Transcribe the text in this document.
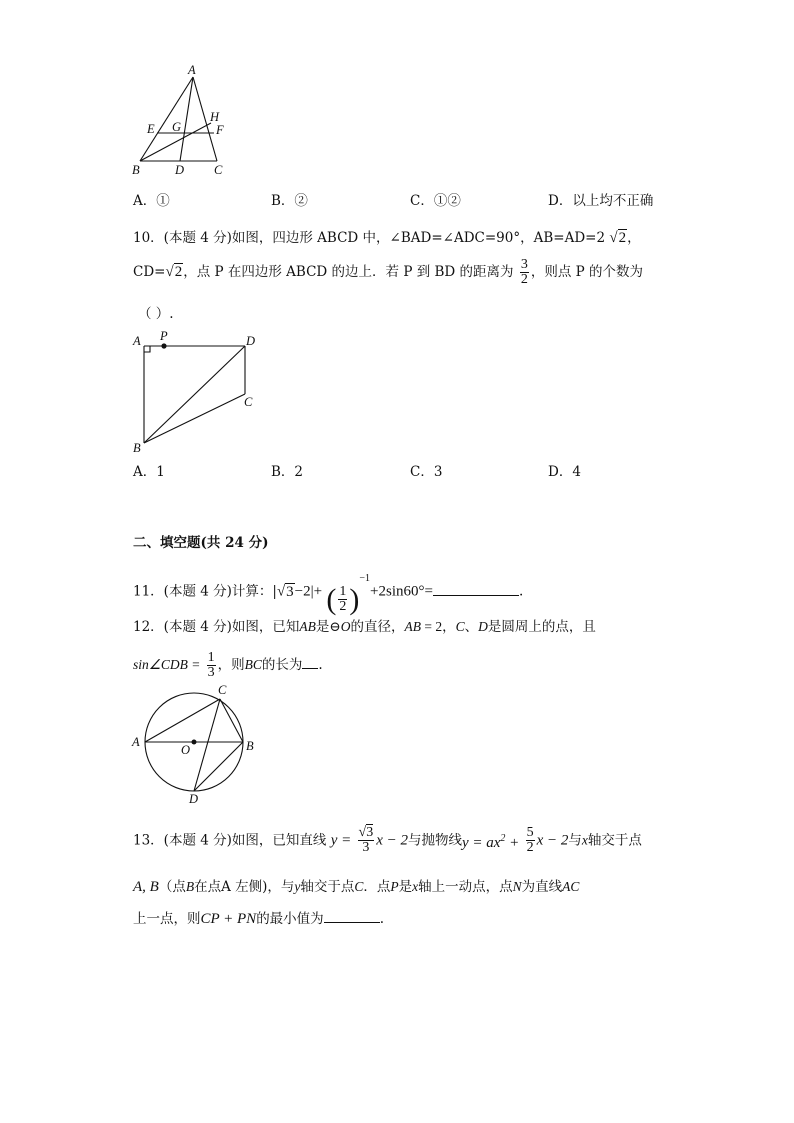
A
H
E G	F
B	D C
A．①	B．②	C．①②	D．以上均不正确
10．(本题 4 分)如图，四边形 ABCD 中，∠BAD=∠ADC=90°，AB=AD=2 √2，
CD=√2，点 P 在四边形 ABCD 的边上．若 P 到 BD 的距离为 $\frac{3}{2}$ ，则点 P 的个数为
（ ）.
A P	D
C
B
A．1	B．2	C．3	D．4
二、填空题(共 24 分)
11．(本题 4 分)计算：|√3−2|+ ( $\frac{1}{2} )^{-1}+2\sin 60^\circ=$	.
12．(本题 4 分)如图，已知AB是⊖O的直径，AB = 2，C、D是圆周上的点，且
sin∠CDB = $\frac{1}{3}$ ，则BC的长为 .
C
A	B
O
D
13．(本题 4 分)如图，已知直线 $y = \frac{√3}{3}$ x − 2与抛物线$y = ax^2 + \frac{5}{2}$ x − 2与x轴交于点
A, B（点B在点A 左侧)，与y轴交于点C．点P是x轴上一动点，点N为直线AC
上一点，则CP + PN的最小值为	.
